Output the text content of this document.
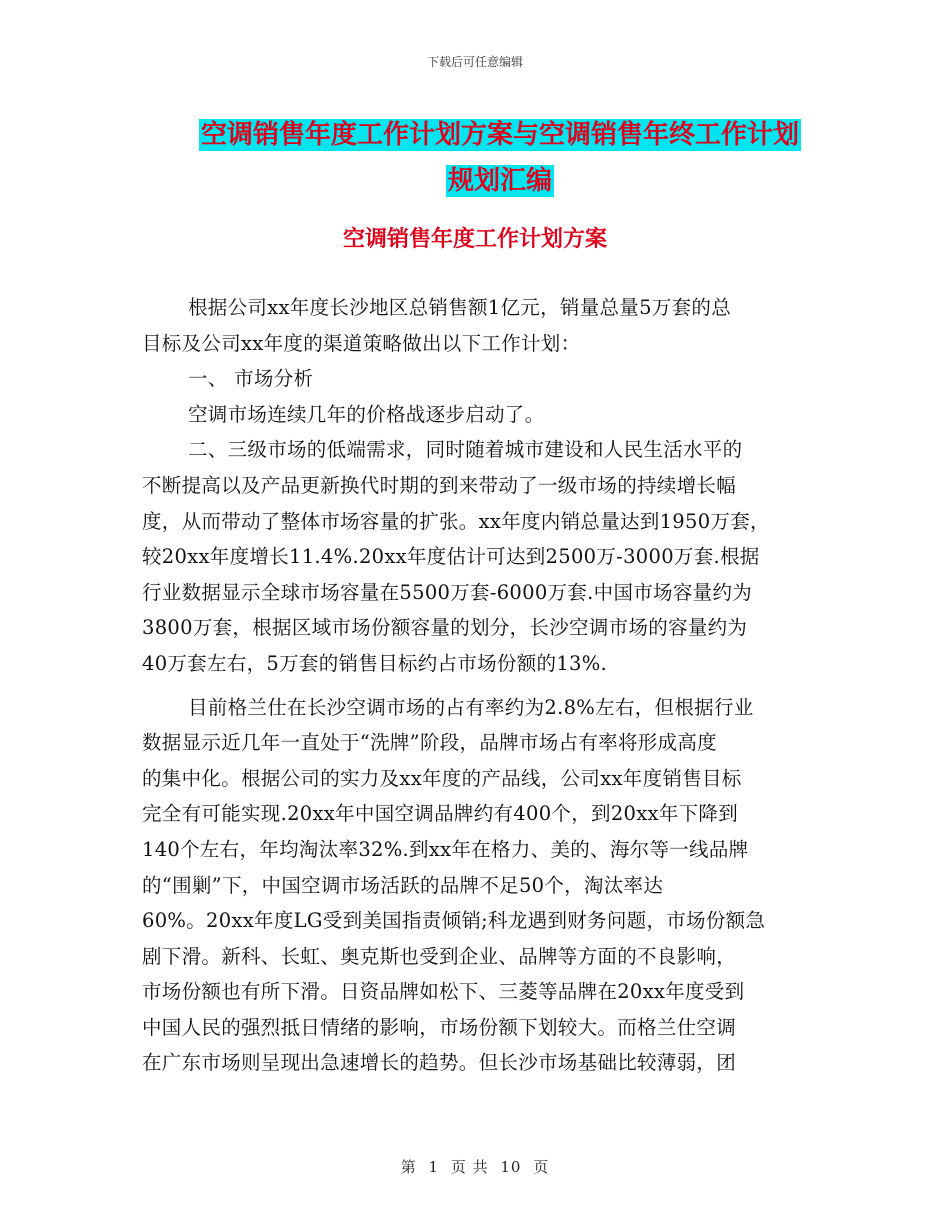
下载后可任意编辑
空调销售年度工作计划方案与空调销售年终工作计划
规划汇编
空调销售年度工作计划方案
根据公司xx年度长沙地区总销售额1亿元，销量总量5万套的总
目标及公司xx年度的渠道策略做出以下工作计划：
一、 市场分析
空调市场连续几年的价格战逐步启动了。
二、三级市场的低端需求，同时随着城市建设和人民生活水平的
不断提高以及产品更新换代时期的到来带动了一级市场的持续增长幅
度，从而带动了整体市场容量的扩张。xx年度内销总量达到1950万套，
较20xx年度增长11.4%.20xx年度估计可达到2500万-3000万套.根据
行业数据显示全球市场容量在5500万套-6000万套.中国市场容量约为
3800万套，根据区域市场份额容量的划分，长沙空调市场的容量约为
40万套左右，5万套的销售目标约占市场份额的13%.
目前格兰仕在长沙空调市场的占有率约为2.8%左右，但根据行业
数据显示近几年一直处于“洗牌”阶段，品牌市场占有率将形成高度
的集中化。根据公司的实力及xx年度的产品线，公司xx年度销售目标
完全有可能实现.20xx年中国空调品牌约有400个，到20xx年下降到
140个左右，年均淘汰率32%.到xx年在格力、美的、海尔等一线品牌
的“围剿”下，中国空调市场活跃的品牌不足50个，淘汰率达
60%。20xx年度LG受到美国指责倾销;科龙遇到财务问题，市场份额急
剧下滑。新科、长虹、奥克斯也受到企业、品牌等方面的不良影响，
市场份额也有所下滑。日资品牌如松下、三菱等品牌在20xx年度受到
中国人民的强烈抵日情绪的影响，市场份额下划较大。而格兰仕空调
在广东市场则呈现出急速增长的趋势。但长沙市场基础比较薄弱，团
第 1 页 共 10 页
